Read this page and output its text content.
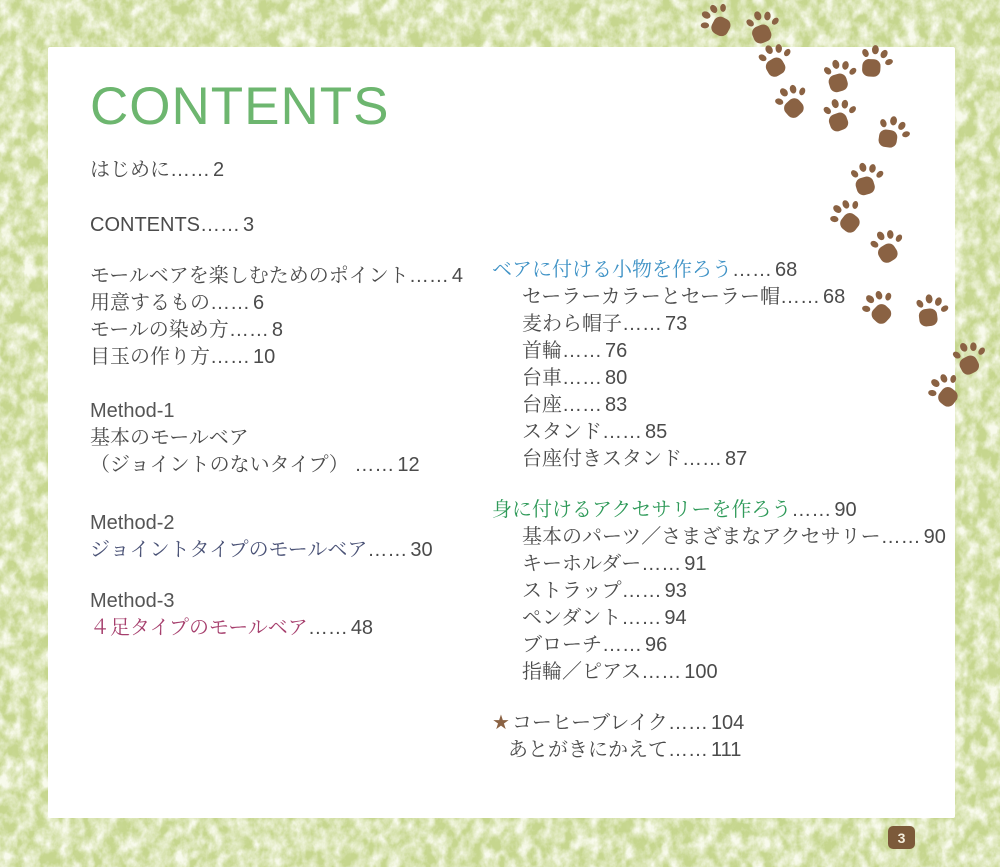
CONTENTS
はじめに…… 2
CONTENTS…… 3
モールベアを楽しむためのポイント…… 4
用意するもの…… 6
モールの染め方…… 8
目玉の作り方…… 10
Method-1
基本のモールベア
（ジョイントのないタイプ） …… 12
Method-2
ジョイントタイプのモールベア…… 30
Method-3
４足タイプのモールベア…… 48
ベアに付ける小物を作ろう…… 68
セーラーカラーとセーラー帽…… 68
麦わら帽子…… 73
首輪…… 76
台車…… 80
台座…… 83
スタンド…… 85
台座付きスタンド…… 87
身に付けるアクセサリーを作ろう…… 90
基本のパーツ／さまざまなアクセサリー…… 90
キーホルダー…… 91
ストラップ…… 93
ペンダント…… 94
ブローチ…… 96
指輪／ピアス…… 100
★ コーヒーブレイク…… 104
あとがきにかえて…… 111
3
